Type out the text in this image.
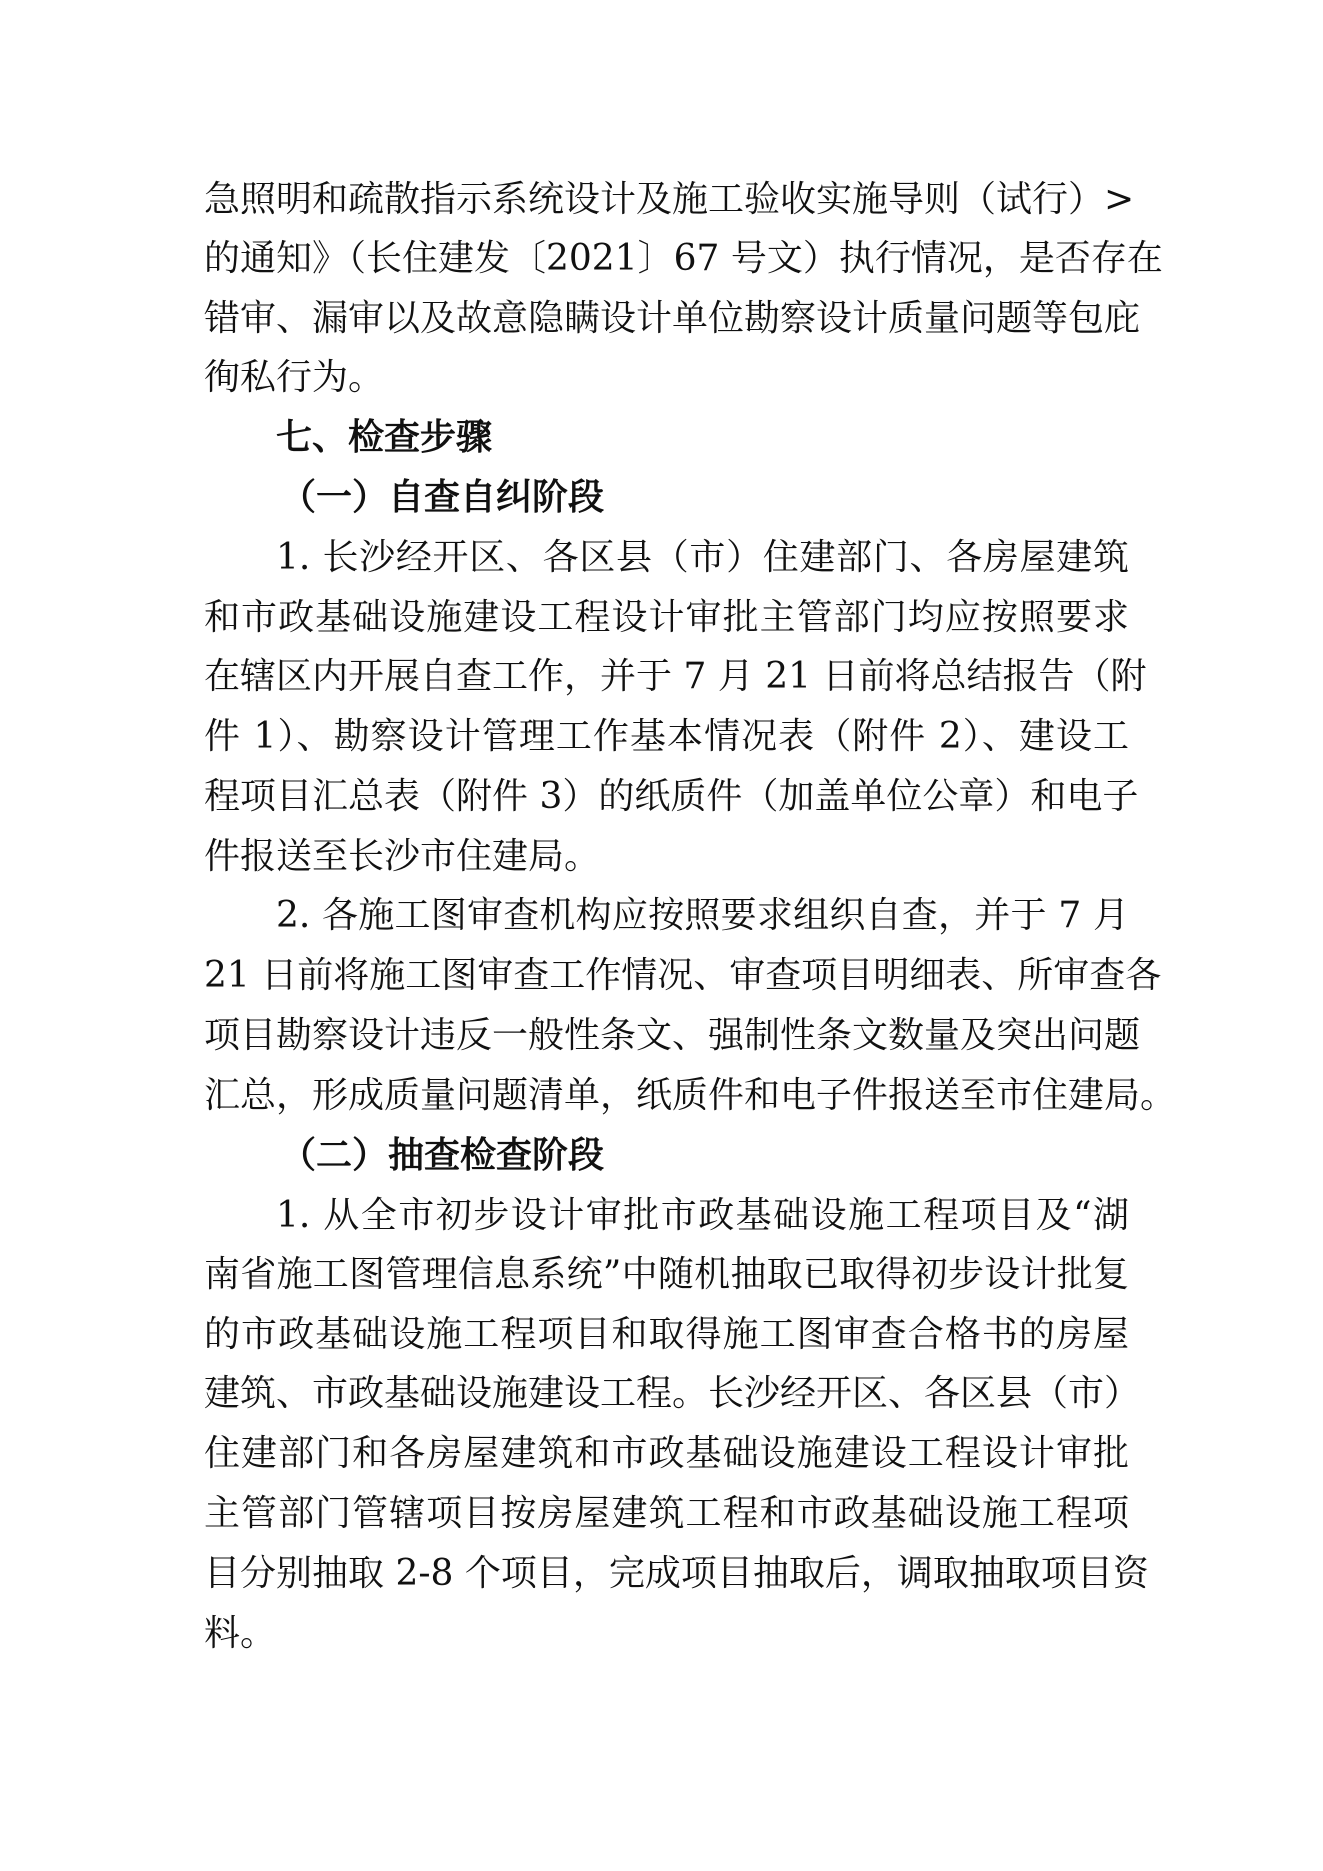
急照明和疏散指示系统设计及施工验收实施导则（试行）>
的通知》（长住建发〔2021〕67 号文）执行情况，是否存在
错审、漏审以及故意隐瞒设计单位勘察设计质量问题等包庇
徇私行为。
七、检查步骤
（一）自查自纠阶段
1. 长沙经开区、各区县（市）住建部门、各房屋建筑
和市政基础设施建设工程设计审批主管部门均应按照要求
在辖区内开展自查工作，并于 7 月 21 日前将总结报告（附
件 1）、勘察设计管理工作基本情况表（附件 2）、建设工
程项目汇总表（附件 3）的纸质件（加盖单位公章）和电子
件报送至长沙市住建局。
2. 各施工图审查机构应按照要求组织自查，并于 7 月
21 日前将施工图审查工作情况、审查项目明细表、所审查各
项目勘察设计违反一般性条文、强制性条文数量及突出问题
汇总，形成质量问题清单，纸质件和电子件报送至市住建局。
（二）抽查检查阶段
1. 从全市初步设计审批市政基础设施工程项目及“湖
南省施工图管理信息系统”中随机抽取已取得初步设计批复
的市政基础设施工程项目和取得施工图审查合格书的房屋
建筑、市政基础设施建设工程。长沙经开区、各区县（市）
住建部门和各房屋建筑和市政基础设施建设工程设计审批
主管部门管辖项目按房屋建筑工程和市政基础设施工程项
目分别抽取 2-8 个项目，完成项目抽取后，调取抽取项目资
料。
